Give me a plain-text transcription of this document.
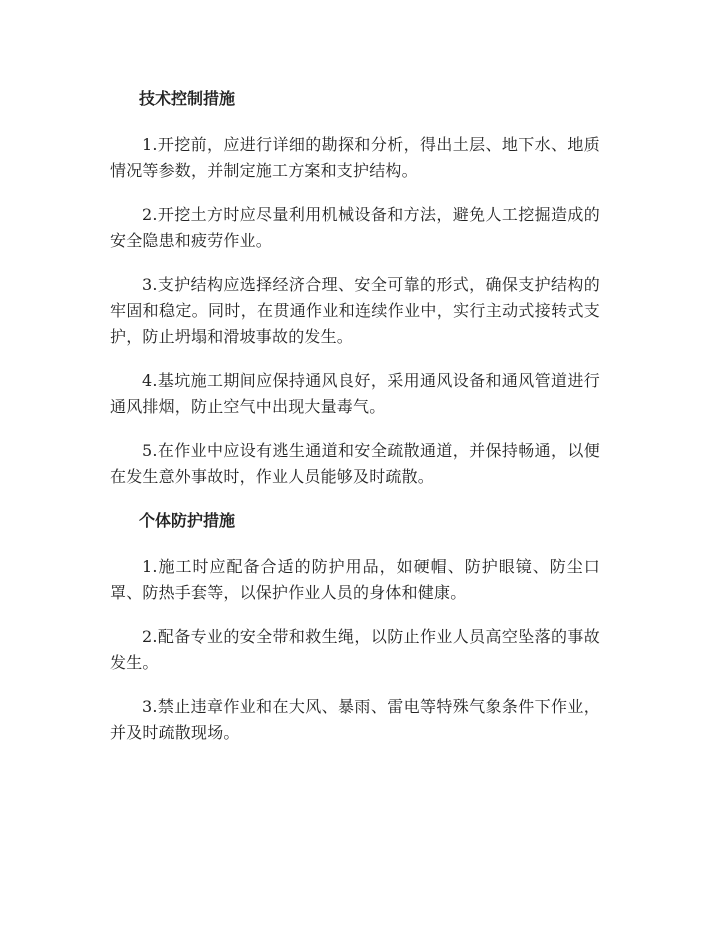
技术控制措施

1.开挖前，应进行详细的勘探和分析，得出土层、地下水、地质情况等参数，并制定施工方案和支护结构。

2.开挖土方时应尽量利用机械设备和方法，避免人工挖掘造成的安全隐患和疲劳作业。

3.支护结构应选择经济合理、安全可靠的形式，确保支护结构的牢固和稳定。同时，在贯通作业和连续作业中，实行主动式接转式支护，防止坍塌和滑坡事故的发生。

4.基坑施工期间应保持通风良好，采用通风设备和通风管道进行通风排烟，防止空气中出现大量毒气。

5.在作业中应设有逃生通道和安全疏散通道，并保持畅通，以便在发生意外事故时，作业人员能够及时疏散。

个体防护措施

1.施工时应配备合适的防护用品，如硬帽、防护眼镜、防尘口罩、防热手套等，以保护作业人员的身体和健康。

2.配备专业的安全带和救生绳，以防止作业人员高空坠落的事故发生。

3.禁止违章作业和在大风、暴雨、雷电等特殊气象条件下作业，并及时疏散现场。
